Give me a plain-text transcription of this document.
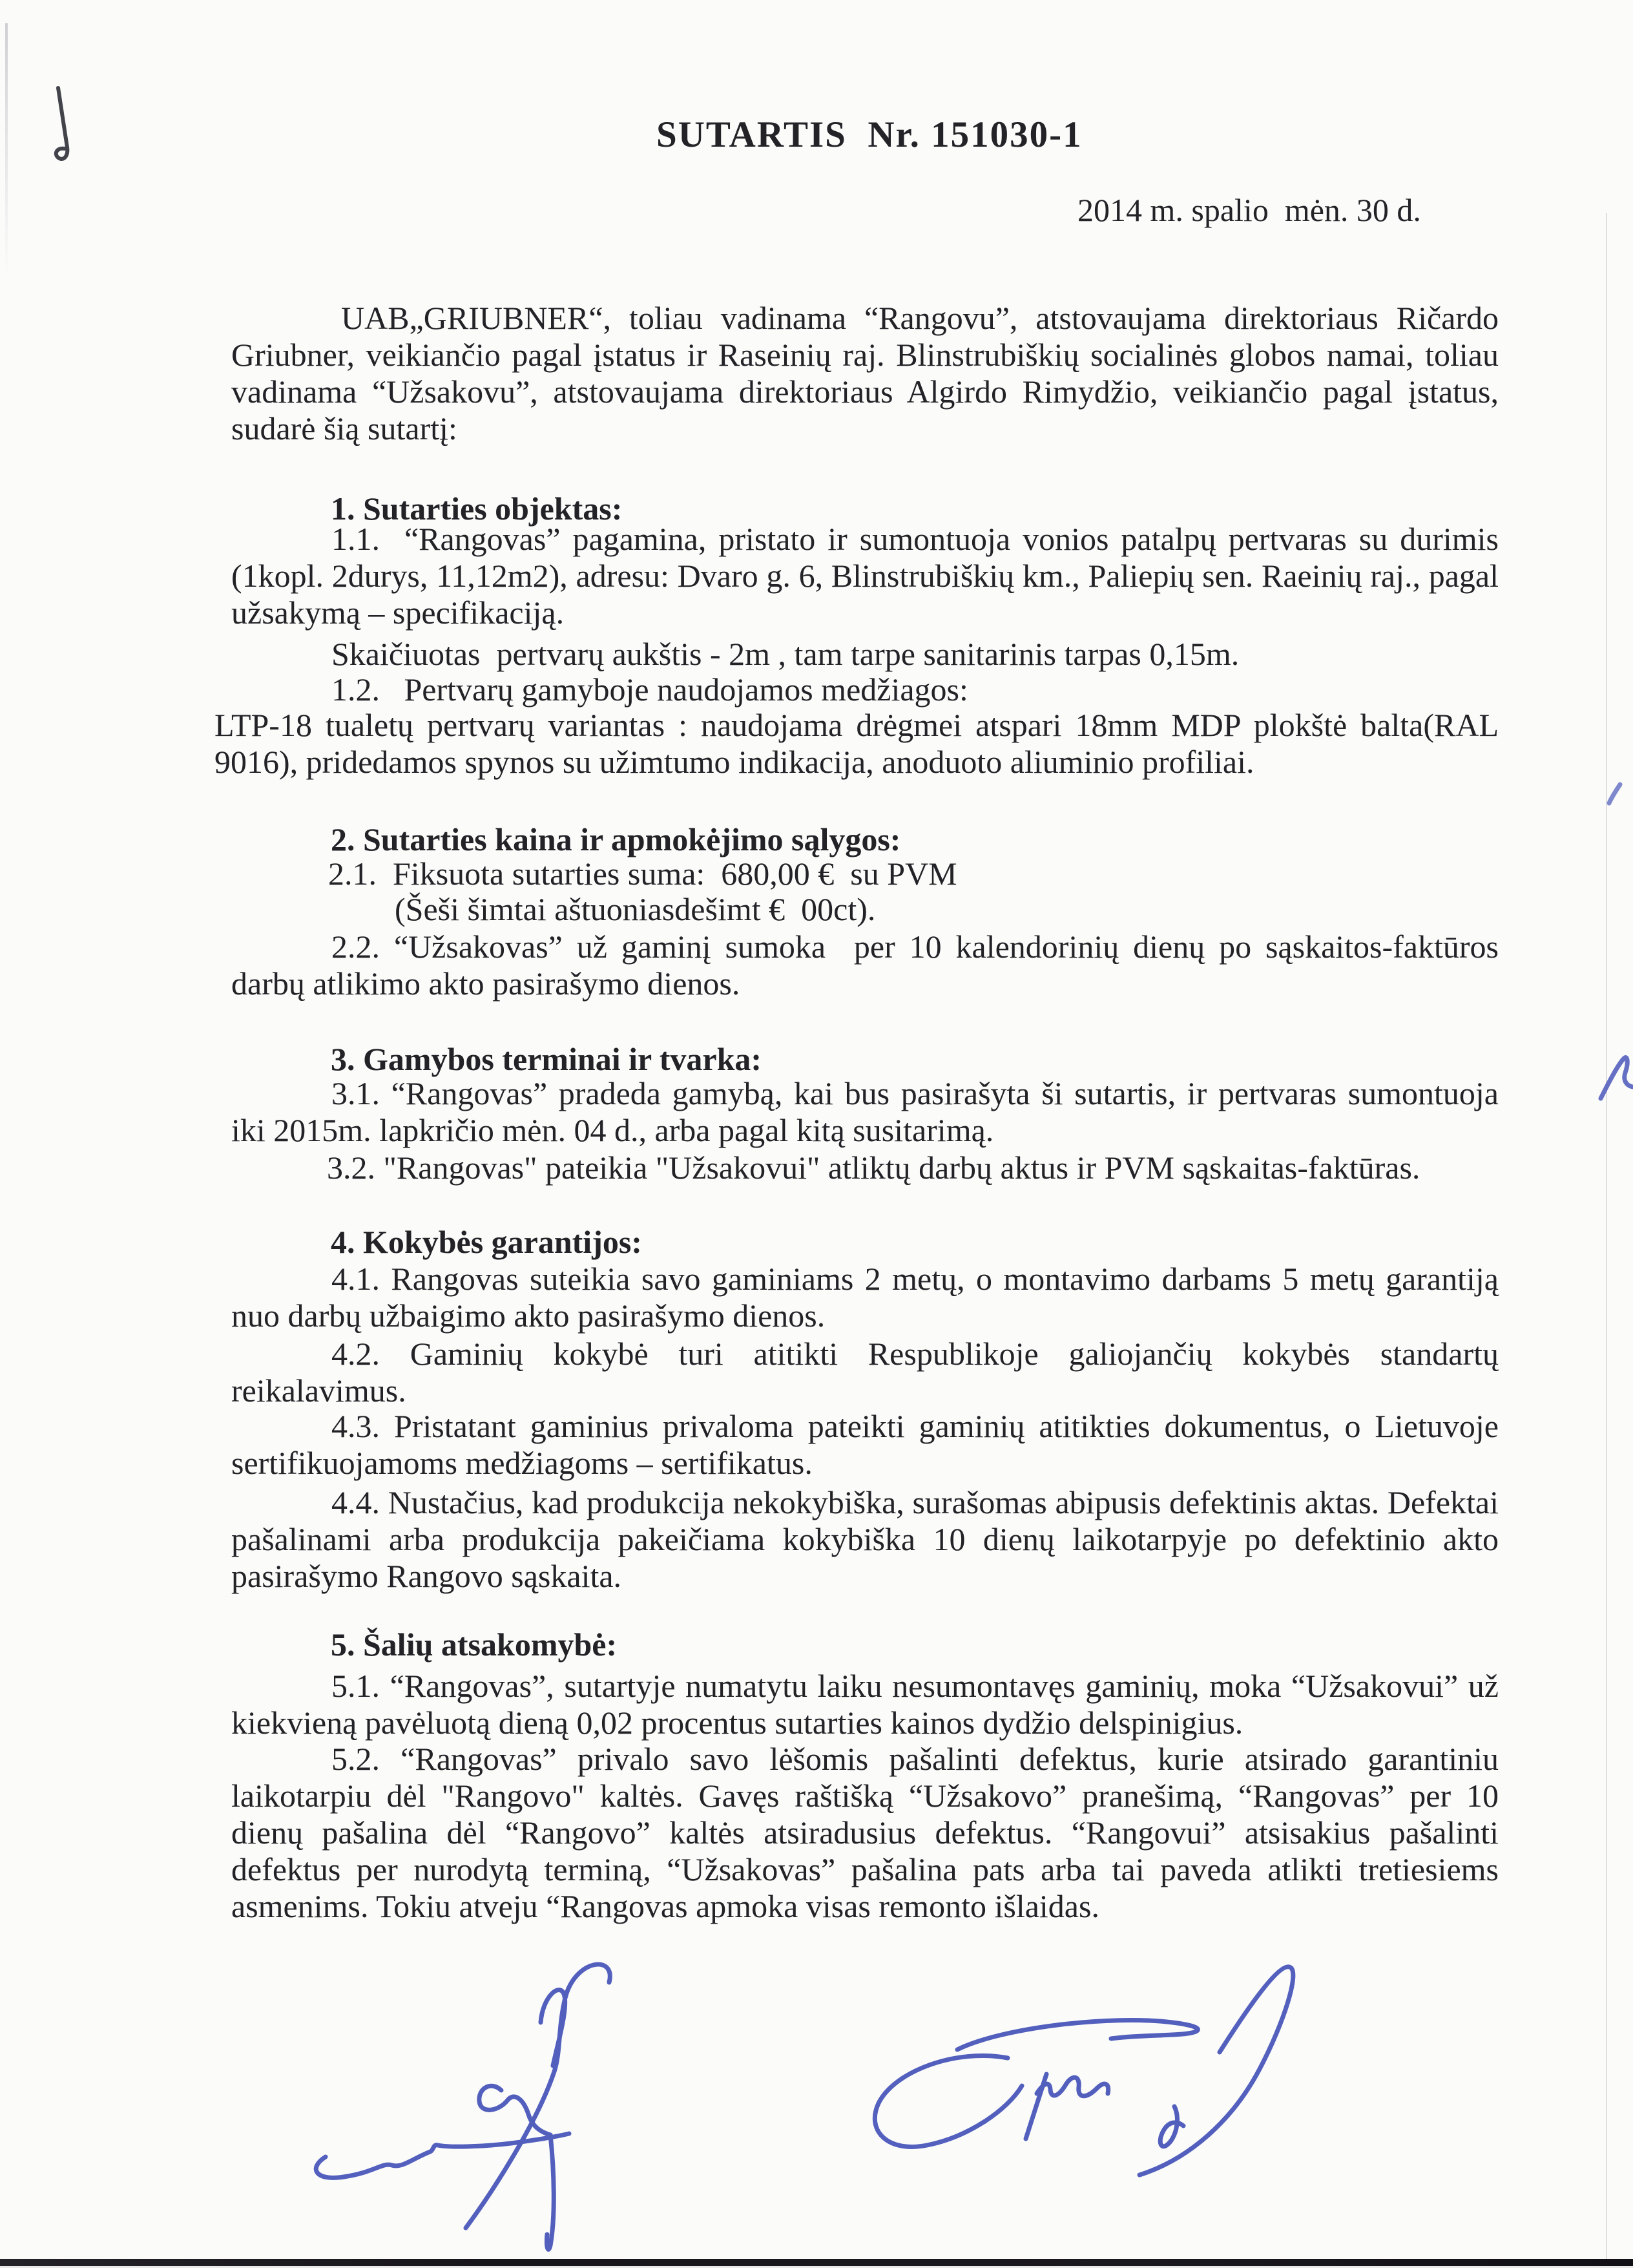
SUTARTIS  Nr. 151030-1
2014 m. spalio  mėn. 30 d.

UAB„GRIUBNER“, toliau vadinama “Rangovu”, atstovaujama direktoriaus Ričardo Griubner, veikiančio pagal įstatus ir Raseinių raj. Blinstrubiškių socialinės globos namai, toliau vadinama “Užsakovu”, atstovaujama direktoriaus Algirdo Rimydžio, veikiančio pagal įstatus, sudarė šią sutartį:

1. Sutarties objektas:

1.1.  “Rangovas” pagamina, pristato ir sumontuoja vonios patalpų pertvaras su durimis (1kopl. 2durys, 11,12m2), adresu: Dvaro g. 6, Blinstrubiškių km., Paliepių sen. Raeinių raj., pagal užsakymą – specifikaciją.

Skaičiuotas  pertvarų aukštis - 2m , tam tarpe sanitarinis tarpas 0,15m.
1.2.   Pertvarų gamyboje naudojamos medžiagos:

LTP-18 tualetų pertvarų variantas : naudojama drėgmei atspari 18mm MDP plokštė balta(RAL 9016), pridedamos spynos su užimtumo indikacija, anoduoto aliuminio profiliai.

2. Sutarties kaina ir apmokėjimo sąlygos:
2.1.  Fiksuota sutarties suma:  680,00 €  su PVM
(Šeši šimtai aštuoniasdešimt €  00ct).

2.2. “Užsakovas” už gaminį sumoka  per 10 kalendorinių dienų po sąskaitos-faktūros darbų atlikimo akto pasirašymo dienos.

3. Gamybos terminai ir tvarka:

3.1. “Rangovas” pradeda gamybą, kai bus pasirašyta ši sutartis, ir pertvaras sumontuoja iki 2015m. lapkričio mėn. 04 d., arba pagal kitą susitarimą.

3.2. "Rangovas" pateikia "Užsakovui" atliktų darbų aktus ir PVM sąskaitas-faktūras.
4. Kokybės garantijos:

4.1. Rangovas suteikia savo gaminiams 2 metų, o montavimo darbams 5 metų garantiją nuo darbų užbaigimo akto pasirašymo dienos.

4.2. Gaminių kokybė turi atitikti Respublikoje galiojančių kokybės standartų reikalavimus.

4.3. Pristatant gaminius privaloma pateikti gaminių atitikties dokumentus, o Lietuvoje sertifikuojamoms medžiagoms – sertifikatus.

4.4. Nustačius, kad produkcija nekokybiška, surašomas abipusis defektinis aktas. Defektai pašalinami arba produkcija pakeičiama kokybiška 10 dienų laikotarpyje po defektinio akto pasirašymo Rangovo sąskaita.

5. Šalių atsakomybė:

5.1. “Rangovas”, sutartyje numatytu laiku nesumontavęs gaminių, moka “Užsakovui” už kiekvieną pavėluotą dieną 0,02 procentus sutarties kainos dydžio delspinigius.

5.2. “Rangovas” privalo savo lėšomis pašalinti defektus, kurie atsirado garantiniu laikotarpiu dėl "Rangovo" kaltės. Gavęs raštišką “Užsakovo” pranešimą, “Rangovas” per 10 dienų pašalina dėl “Rangovo” kaltės atsiradusius defektus. “Rangovui” atsisakius pašalinti defektus per nurodytą terminą, “Užsakovas” pašalina pats arba tai paveda atlikti tretiesiems asmenims. Tokiu atveju “Rangovas apmoka visas remonto išlaidas.
